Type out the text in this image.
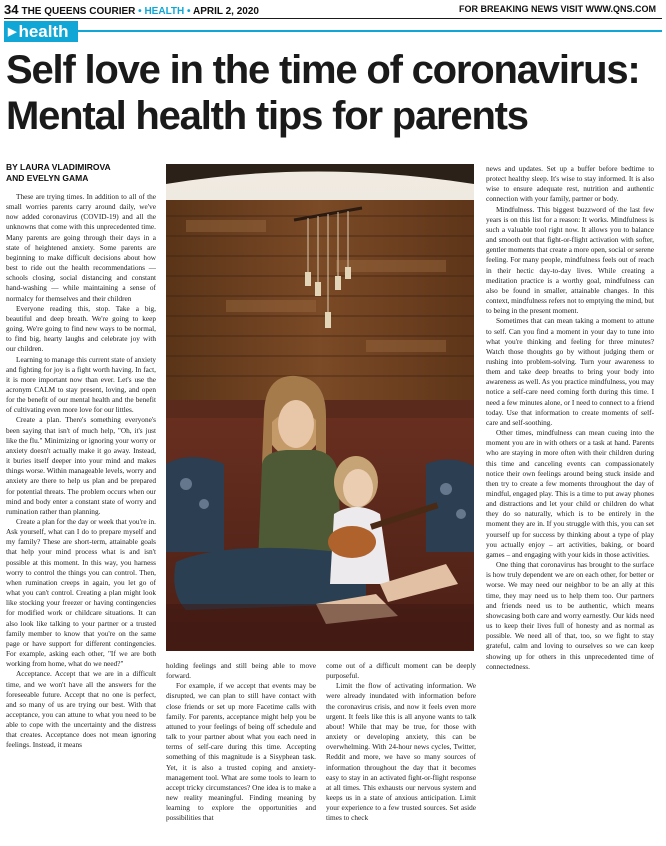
34 THE QUEENS COURIER • HEALTH • APRIL 2, 2020	FOR BREAKING NEWS VISIT WWW.QNS.COM
▶ health
Self love in the time of coronavirus:
Mental health tips for parents
BY LAURA VLADIMIROVA
AND EVELYN GAMA

These are trying times. In addition to all of the small worries parents carry around daily, we've now added coronavirus (COVID-19) and all the unknowns that come with this unprecedented time. Many parents are going through their days in a state of heightened anxiety. Some parents are beginning to make difficult decisions about how best to ride out the health recommendations — schools closing, social distancing and constant hand-washing — while maintaining a sense of normalcy for themselves and their children

Everyone reading this, stop. Take a big, beautiful and deep breath. We're going to keep going. We're going to find new ways to be normal, to find big, hearty laughs and celebrate joy with our children.

Learning to manage this current state of anxiety and fighting for joy is a fight worth having. In fact, it is more important now than ever. Let's use the acronym CALM to stay present, loving, and open for the benefit of our mental health and the benefit of cultivating even more love for our littles.

Create a plan. There's something everyone's been saying that isn't of much help, "Oh, it's just like the flu." Minimizing or ignoring your worry or anxiety doesn't actually make it go away. Instead, it buries itself deeper into your mind and makes things worse. Within manageable levels, worry and anxiety are there to help us plan and be prepared for potential threats. The problem occurs when our mind and body enter a constant state of worry and rumination rather than planning.

Create a plan for the day or week that you're in. Ask yourself, what can I do to prepare myself and my family? These are short-term, attainable goals that help your mind process what is and isn't possible at this moment. In this way, you harness worry to control the things you can control. Then, when rumination creeps in again, you let go of what you can't control. Creating a plan might look like stocking your freezer or having contingencies for modified work or childcare situations. It can also look like talking to your partner or a trusted family member to know that you're on the same page or have support for different contingencies. For example, asking each other, "If we are both working from home, what do we need?"

Acceptance. Accept that we are in a difficult time, and we won't have all the answers for the foreseeable future. Accept that no one is perfect, and so many of us are trying our best. With that acceptance, you can attune to what you need to be able to cope with the uncertainty and the distress that creates. Acceptance does not mean ignoring feelings. Instead, it means

holding feelings and still being able to move forward.

For example, if we accept that events may be disrupted, we can plan to still have contact with close friends or set up more Facetime calls with family. For parents, acceptance might help you be attuned to your feelings of being off schedule and talk to your partner about what you each need in terms of self-care during this time. Accepting something of this magnitude is a Sisyphean task. Yet, it is also a trusted coping and anxiety-management tool. What are some tools to learn to accept tricky circumstances? One idea is to make a new reality meaningful. Finding meaning by learning to explore the opportunities and possibilities that

come out of a difficult moment can be deeply purposeful.

Limit the flow of activating information. We were already inundated with information before the coronavirus crisis, and now it feels even more urgent. It feels like this is all anyone wants to talk about! While that may be true, for those with anxiety or developing anxiety, this can be overwhelming. With 24-hour news cycles, Twitter, Reddit and more, we have so many sources of information throughout the day that it becomes easy to stay in an activated fight-or-flight response at all times. This exhausts our nervous system and keeps us in a state of anxious anticipation. Limit your experience to a few trusted sources. Set aside times to check

news and updates. Set up a buffer before bedtime to protect healthy sleep. It's wise to stay informed. It is also wise to ensure adequate rest, nutrition and authentic connection with your family, partner or body.

Mindfulness. This biggest buzzword of the last few years is on this list for a reason: It works. Mindfulness is such a valuable tool right now. It allows you to balance and smooth out that fight-or-flight activation with softer, gentler moments that create a more open, social or serene feeling. For many people, mindfulness feels out of reach in their hectic day-to-day lives. While creating a meditation practice is a worthy goal, mindfulness can also be found in smaller, attainable changes. In this context, mindfulness refers not to emptying the mind, but to being in the present moment.

Sometimes that can mean taking a moment to attune to self. Can you find a moment in your day to tune into what you're thinking and feeling for three minutes? Watch those thoughts go by without judging them or rushing into problem-solving. Turn your awareness to them and take deep breaths to bring your body into awareness as well. As you practice mindfulness, you may notice a self-care need coming forth during this time. I need a few minutes alone, or I need to connect to a friend today. Use that information to create moments of self-care and self-soothing.

Other times, mindfulness can mean cueing into the moment you are in with others or a task at hand. Parents who are staying in more often with their children during this time and canceling events can compassionately notice their own feelings around being stuck inside and then try to create a few moments throughout the day of mindful, engaged play. This is a time to put away phones and distractions and let your child or children do what they do so naturally, which is to be entirely in the moment they are in. If you struggle with this, you can set yourself up for success by thinking about a type of play you actually enjoy – art activities, baking, or board games – and engaging with your kids in those activities.

One thing that coronavirus has brought to the surface is how truly dependent we are on each other, for better or worse. We may need our neighbor to be an ally at this time, they may need us to help them too. Our partners and friends need us to be authentic, which means showcasing both care and worry earnestly. Our kids need us to keep their lives full of honesty and as normal as possible. We need all of that, too, so we fight to stay grateful, calm and loving to ourselves so we can keep showing up for others in this unprecedented time of connectedness.
